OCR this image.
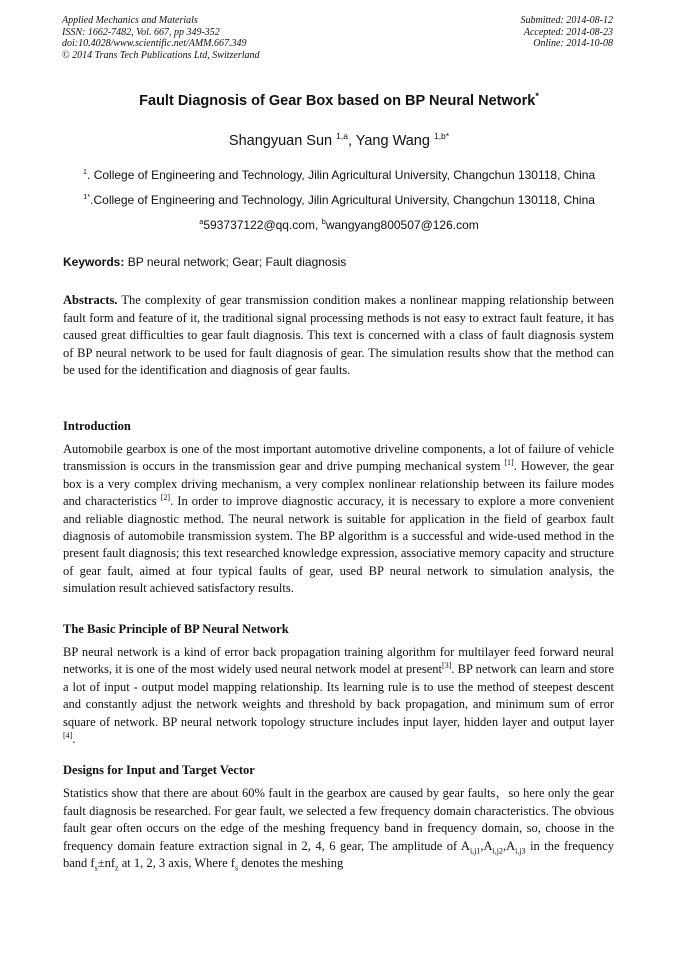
Applied Mechanics and Materials
ISSN: 1662-7482, Vol. 667, pp 349-352
doi:10.4028/www.scientific.net/AMM.667.349
© 2014 Trans Tech Publications Ltd, Switzerland
Submitted: 2014-08-12
Accepted: 2014-08-23
Online: 2014-10-08
Fault Diagnosis of Gear Box based on BP Neural Network*
Shangyuan Sun $^{1,a}$, Yang Wang $^{1,b*}$
$^1$. College of Engineering and Technology, Jilin Agricultural University, Changchun 130118, China
$^{1*}$.College of Engineering and Technology, Jilin Agricultural University, Changchun 130118, China
$^a$593737122@qq.com, $^b$wangyang800507@126.com
Keywords: BP neural network; Gear; Fault diagnosis
Abstracts. The complexity of gear transmission condition makes a nonlinear mapping relationship between fault form and feature of it, the traditional signal processing methods is not easy to extract fault feature, it has caused great difficulties to gear fault diagnosis. This text is concerned with a class of fault diagnosis system of BP neural network to be used for fault diagnosis of gear. The simulation results show that the method can be used for the identification and diagnosis of gear faults.
Introduction
Automobile gearbox is one of the most important automotive driveline components, a lot of failure of vehicle transmission is occurs in the transmission gear and drive pumping mechanical system [1]. However, the gear box is a very complex driving mechanism, a very complex nonlinear relationship between its failure modes and characteristics [2]. In order to improve diagnostic accuracy, it is necessary to explore a more convenient and reliable diagnostic method. The neural network is suitable for application in the field of gearbox fault diagnosis of automobile transmission system. The BP algorithm is a successful and wide-used method in the present fault diagnosis; this text researched knowledge expression, associative memory capacity and structure of gear fault, aimed at four typical faults of gear, used BP neural network to simulation analysis, the simulation result achieved satisfactory results.
The Basic Principle of BP Neural Network
BP neural network is a kind of error back propagation training algorithm for multilayer feed forward neural networks, it is one of the most widely used neural network model at present[3]. BP network can learn and store a lot of input - output model mapping relationship. Its learning rule is to use the method of steepest descent and constantly adjust the network weights and threshold by back propagation, and minimum sum of error square of network. BP neural network topology structure includes input layer, hidden layer and output layer [4].
Designs for Input and Target Vector
Statistics show that there are about 60% fault in the gearbox are caused by gear faults，so here only the gear fault diagnosis be researched. For gear fault, we selected a few frequency domain characteristics. The obvious fault gear often occurs on the edge of the meshing frequency band in frequency domain, so, choose in the frequency domain feature extraction signal in 2, 4, 6 gear, The amplitude of $A_{i,j1},A_{i,j2},A_{i,j3}$ in the frequency band $f_s\pm nf_z$ at 1, 2, 3 axis, Where $f_s$ denotes the meshing
